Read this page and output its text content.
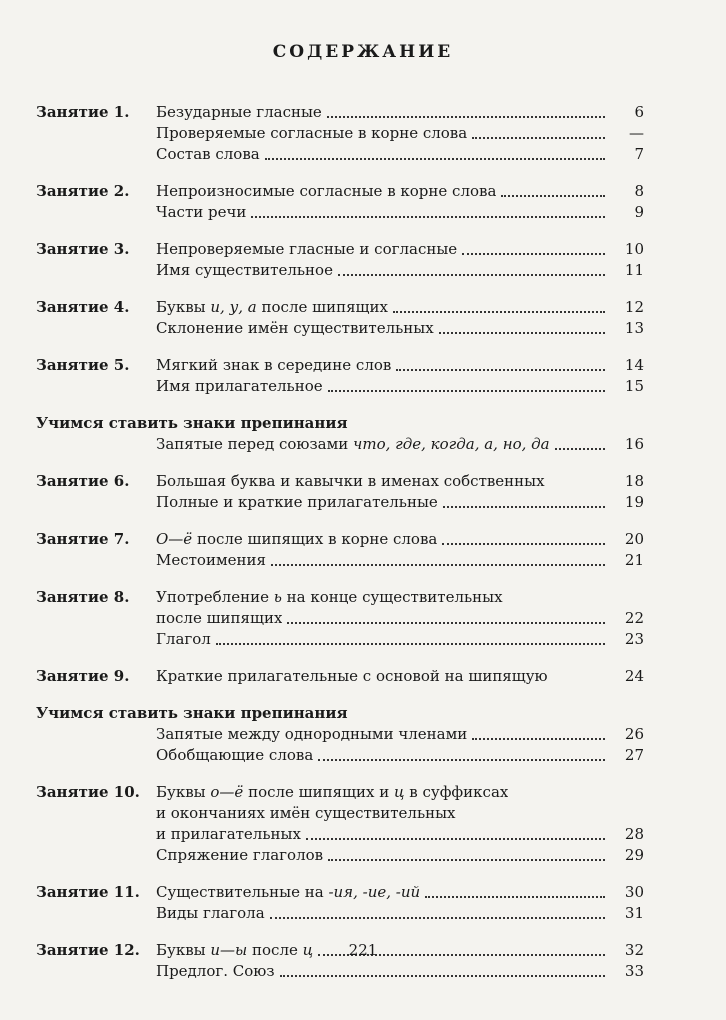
СОДЕРЖАНИЕ
Занятие 1.	Безударные гласные	6
Проверяемые согласные в корне слова	—
Состав слова	7
Занятие 2.	Непроизносимые согласные в корне слова	8
Части речи	9
Занятие 3.	Непроверяемые гласные и согласные	10
Имя существительное	11
Занятие 4.	Буквы и, у, а после шипящих	12
Склонение имён существительных	13
Занятие 5.	Мягкий знак в середине слов	14
Имя прилагательное	15
Учимся ставить знаки препинания
Запятые перед союзами что, где, когда, а, но, да	16
Занятие 6.	Большая буква и кавычки в именах собственных	18
Полные и краткие прилагательные	19
Занятие 7.	О—ё после шипящих в корне слова	20
Местоимения	21
Занятие 8.	Употребление ь на конце существительных
после шипящих	22
Глагол	23
Занятие 9.	Краткие прилагательные с основой на шипящую	24
Учимся ставить знаки препинания
Запятые между однородными членами	26
Обобщающие слова	27
Занятие 10.	Буквы о—ё после шипящих и ц в суффиксах
и окончаниях имён существительных
и прилагательных	28
Спряжение глаголов	29
Занятие 11.	Существительные на -ия, -ие, -ий	30
Виды глагола	31
Занятие 12.	Буквы и—ы после ц	32
Предлог. Союз	33
221
